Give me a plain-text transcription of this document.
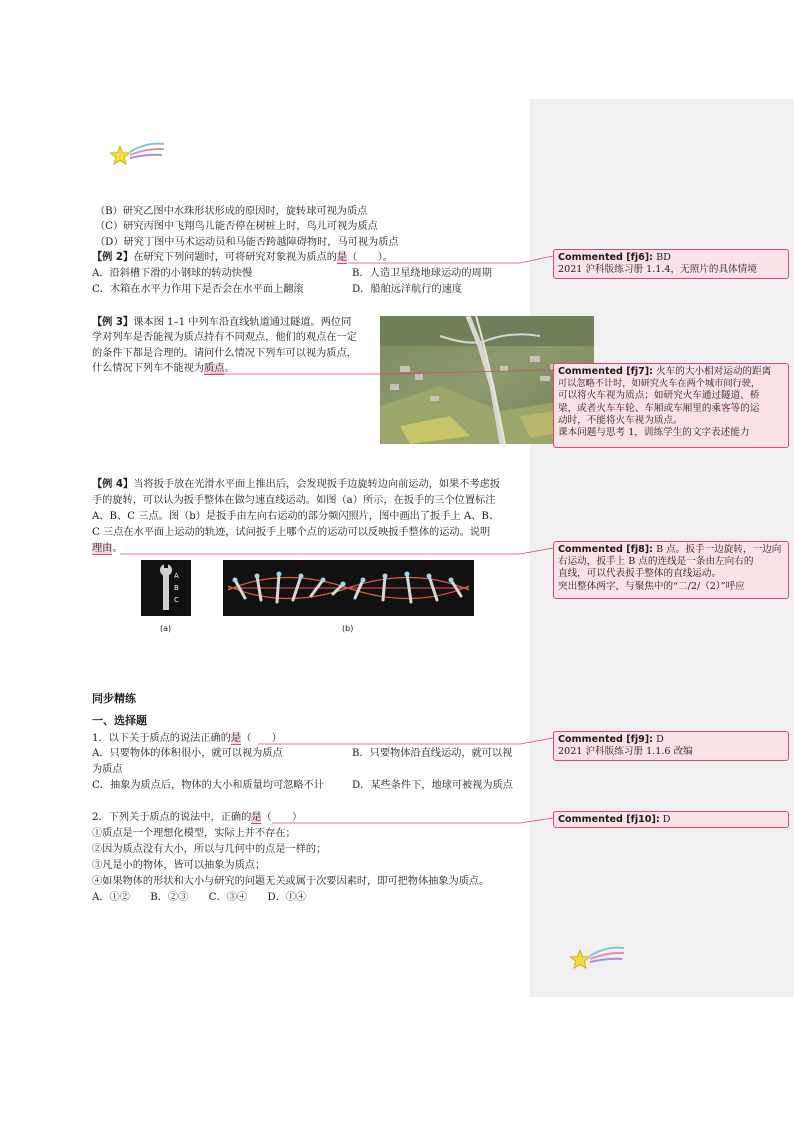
（B）研究乙图中水珠形状形成的原因时，旋转球可视为质点
（C）研究丙图中飞翔鸟儿能否停在树桩上时，鸟儿可视为质点
（D）研究丁图中马术运动员和马能否跨越障碍物时，马可视为质点
【例 2】在研究下列问题时，可将研究对象视为质点的是（　　）。
A．沿斜槽下滑的小钢球的转动快慢	B．人造卫星绕地球运动的周期
C．木箱在水平力作用下是否会在水平面上翻滚	D．船舶远洋航行的速度
【例 3】课本图 1–1 中列车沿直线轨道通过隧道。两位同
学对列车是否能视为质点持有不同观点，他们的观点在一定
的条件下都是合理的。请问什么情况下列车可以视为质点，
什么情况下列车不能视为质点。
【例 4】当将扳手放在光滑水平面上推出后，会发现扳手边旋转边向前运动，如果不考虑扳
手的旋转，可以认为扳手整体在做匀速直线运动。如图（a）所示，在扳手的三个位置标注
A、B、C 三点。图（b）是扳手由左向右运动的部分频闪照片，图中画出了扳手上 A、B、
C 三点在水平面上运动的轨迹，试问扳手上哪个点的运动可以反映扳手整体的运动。说明
理由。
A
B
C
(a)	(b)
同步精练
一、选择题
1．以下关于质点的说法正确的是（　　）
A．只要物体的体积很小，就可以视为质点	B．只要物体沿直线运动，就可以视
为质点
C．抽象为质点后，物体的大小和质量均可忽略不计	D．某些条件下，地球可被视为质点
2．下列关于质点的说法中，正确的是（　　）
①质点是一个理想化模型，实际上并不存在；
②因为质点没有大小，所以与几何中的点是一样的；
③凡是小的物体，皆可以抽象为质点；
④如果物体的形状和大小与研究的问题无关或属于次要因素时，即可把物体抽象为质点。
A．①②　　B．②③　　C．③④　　D．①④
Commented [fj6]: BD
2021 沪科版练习册 1.1.4，无照片的具体情境
Commented [fj7]: 火车的大小相对运动的距离
可以忽略不计时，如研究火车在两个城市间行驶，
可以将火车视为质点；如研究火车通过隧道、桥
梁，或者火车车轮、车厢或车厢里的乘客等的运
动时，不能将火车视为质点。
课本问题与思考 1，训练学生的文字表述能力
Commented [fj8]: B 点。扳手一边旋转，一边向
右运动，扳手上 B 点的连线是一条由左向右的
直线，可以代表扳手整体的直线运动。
突出整体两字，与聚焦中的“二/2/（2）”呼应
Commented [fj9]: D
2021 沪科版练习册 1.1.6 改编
Commented [fj10]: D
